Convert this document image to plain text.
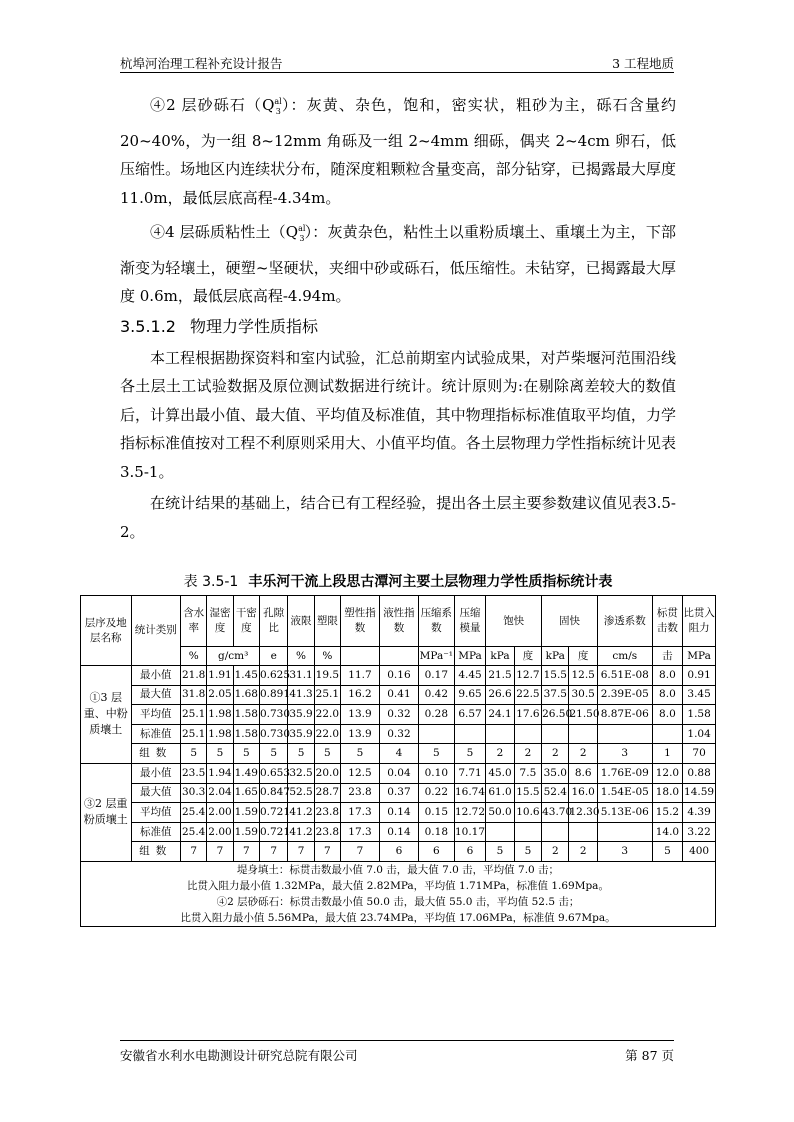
杭埠河治理工程补充设计报告	3 工程地质

④2 层砂砾石$(Q^{al}_3)$：灰黄、杂色，饱和，密实状，粗砂为主，砾石含量约20~40%，为一组 8~12mm 角砾及一组 2~4mm 细砾，偶夹 2~4cm 卵石，低压缩性。场地区内连续状分布，随深度粗颗粒含量变高，部分钻穿，已揭露最大厚度 11.0m，最低层底高程-4.34m。

④4 层砾质粘性土$(Q^{al}_3)$：灰黄杂色，粘性土以重粉质壤土、重壤土为主，下部渐变为轻壤土，硬塑~坚硬状，夹细中砂或砾石，低压缩性。未钻穿，已揭露最大厚度 0.6m，最低层底高程-4.94m。

3.5.1.2 物理力学性质指标

本工程根据勘探资料和室内试验，汇总前期室内试验成果，对芦柴堰河范围沿线各土层土工试验数据及原位测试数据进行统计。统计原则为:在剔除离差较大的数值后，计算出最小值、最大值、平均值及标准值，其中物理指标标准值取平均值，力学指标标准值按对工程不利原则采用大、小值平均值。各土层物理力学性指标统计见表 3.5-1。

在统计结果的基础上，结合已有工程经验，提出各土层主要参数建议值见表3.5-2。

表 3.5-1 丰乐河干流上段思古潭河主要土层物理力学性质指标统计表
层序及地层名称	统计类别	含水率	湿密度	干密度	孔隙比	液限	塑限	塑性指数	液性指数	压缩系数	压缩模量	饱快		固快		渗透系数	标贯击数	比贯入阻力
		%	g/cm³		e	%	%			MPa⁻¹	MPa	kPa	度	kPa	度	cm/s	击	MPa
①3 层重、中粉质壤土	最小值	21.8	1.91	1.45	0.625	31.1	19.5	11.7	0.16	0.17	4.45	21.5	12.7	15.5	12.5	6.51E-08	8.0	0.91
	最大值	31.8	2.05	1.68	0.891	41.3	25.1	16.2	0.41	0.42	9.65	26.6	22.5	37.5	30.5	2.39E-05	8.0	3.45
	平均值	25.1	1.98	1.58	0.730	35.9	22.0	13.9	0.32	0.28	6.57	24.1	17.6	26.50	21.50	8.87E-06	8.0	1.58
	标准值	25.1	1.98	1.58	0.730	35.9	22.0	13.9	0.32									1.04
	组数	5	5	5	5	5	5	5	4	5	5	2	2	2	2	3	1	70
③2 层重粉质壤土	最小值	23.5	1.94	1.49	0.653	32.5	20.0	12.5	0.04	0.10	7.71	45.0	7.5	35.0	8.6	1.76E-09	12.0	0.88
	最大值	30.3	2.04	1.65	0.847	52.5	28.7	23.8	0.37	0.22	16.74	61.0	15.5	52.4	16.0	1.54E-05	18.0	14.59
	平均值	25.4	2.00	1.59	0.721	41.2	23.8	17.3	0.14	0.15	12.72	50.0	10.6	43.70	12.30	5.13E-06	15.2	4.39
	标准值	25.4	2.00	1.59	0.721	41.2	23.8	17.3	0.14	0.18	10.17						14.0	3.22
	组数	7	7	7	7	7	7	7	6	6	6	5	5	2	2	3	5	400

堤身填土：标贯击数最小值 7.0 击，最大值 7.0 击，平均值 7.0 击；
比贯入阻力最小值 1.32MPa，最大值 2.82MPa，平均值 1.71MPa，标准值 1.69Mpa。
④2 层砂砾石：标贯击数最小值 50.0 击，最大值 55.0 击，平均值 52.5 击；
比贯入阻力最小值 5.56MPa，最大值 23.74MPa，平均值 17.06MPa，标准值 9.67Mpa。																		
安徽省水利水电勘测设计研究总院有限公司	第 87 页
